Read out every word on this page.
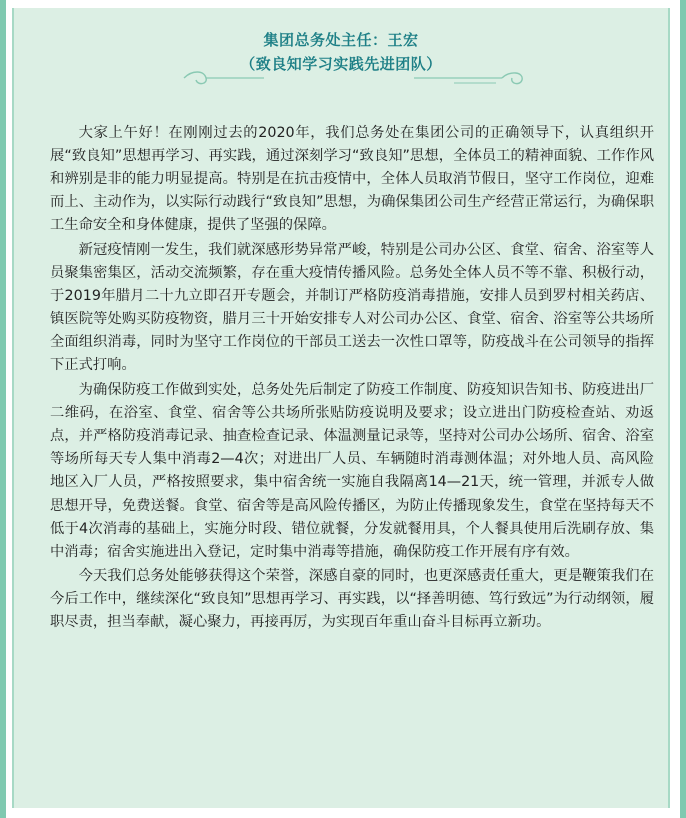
集团总务处主任：王宏
（致良知学习实践先进团队）

大家上午好！在刚刚过去的2020年，我们总务处在集团公司的正确领导下，认真组织开展“致良知”思想再学习、再实践，通过深刻学习“致良知”思想，全体员工的精神面貌、工作作风和辨别是非的能力明显提高。特别是在抗击疫情中，全体人员取消节假日，坚守工作岗位，迎难而上、主动作为，以实际行动践行“致良知”思想，为确保集团公司生产经营正常运行，为确保职工生命安全和身体健康，提供了坚强的保障。

新冠疫情刚一发生，我们就深感形势异常严峻，特别是公司办公区、食堂、宿舍、浴室等人员聚集密集区，活动交流频繁，存在重大疫情传播风险。总务处全体人员不等不靠、积极行动，于2019年腊月二十九立即召开专题会，并制订严格防疫消毒措施，安排人员到罗村相关药店、镇医院等处购买防疫物资，腊月三十开始安排专人对公司办公区、食堂、宿舍、浴室等公共场所全面组织消毒，同时为坚守工作岗位的干部员工送去一次性口罩等，防疫战斗在公司领导的指挥下正式打响。

为确保防疫工作做到实处，总务处先后制定了防疫工作制度、防疫知识告知书、防疫进出厂二维码，在浴室、食堂、宿舍等公共场所张贴防疫说明及要求；设立进出门防疫检查站、劝返点，并严格防疫消毒记录、抽查检查记录、体温测量记录等，坚持对公司办公场所、宿舍、浴室等场所每天专人集中消毒2—4次；对进出厂人员、车辆随时消毒测体温；对外地人员、高风险地区入厂人员，严格按照要求，集中宿舍统一实施自我隔离14—21天，统一管理，并派专人做思想开导，免费送餐。食堂、宿舍等是高风险传播区，为防止传播现象发生，食堂在坚持每天不低于4次消毒的基础上，实施分时段、错位就餐，分发就餐用具，个人餐具使用后洗刷存放、集中消毒；宿舍实施进出入登记，定时集中消毒等措施，确保防疫工作开展有序有效。

今天我们总务处能够获得这个荣誉，深感自豪的同时，也更深感责任重大，更是鞭策我们在今后工作中，继续深化“致良知”思想再学习、再实践，以“择善明德、笃行致远”为行动纲领，履职尽责，担当奉献，凝心聚力，再接再厉，为实现百年重山奋斗目标再立新功。
